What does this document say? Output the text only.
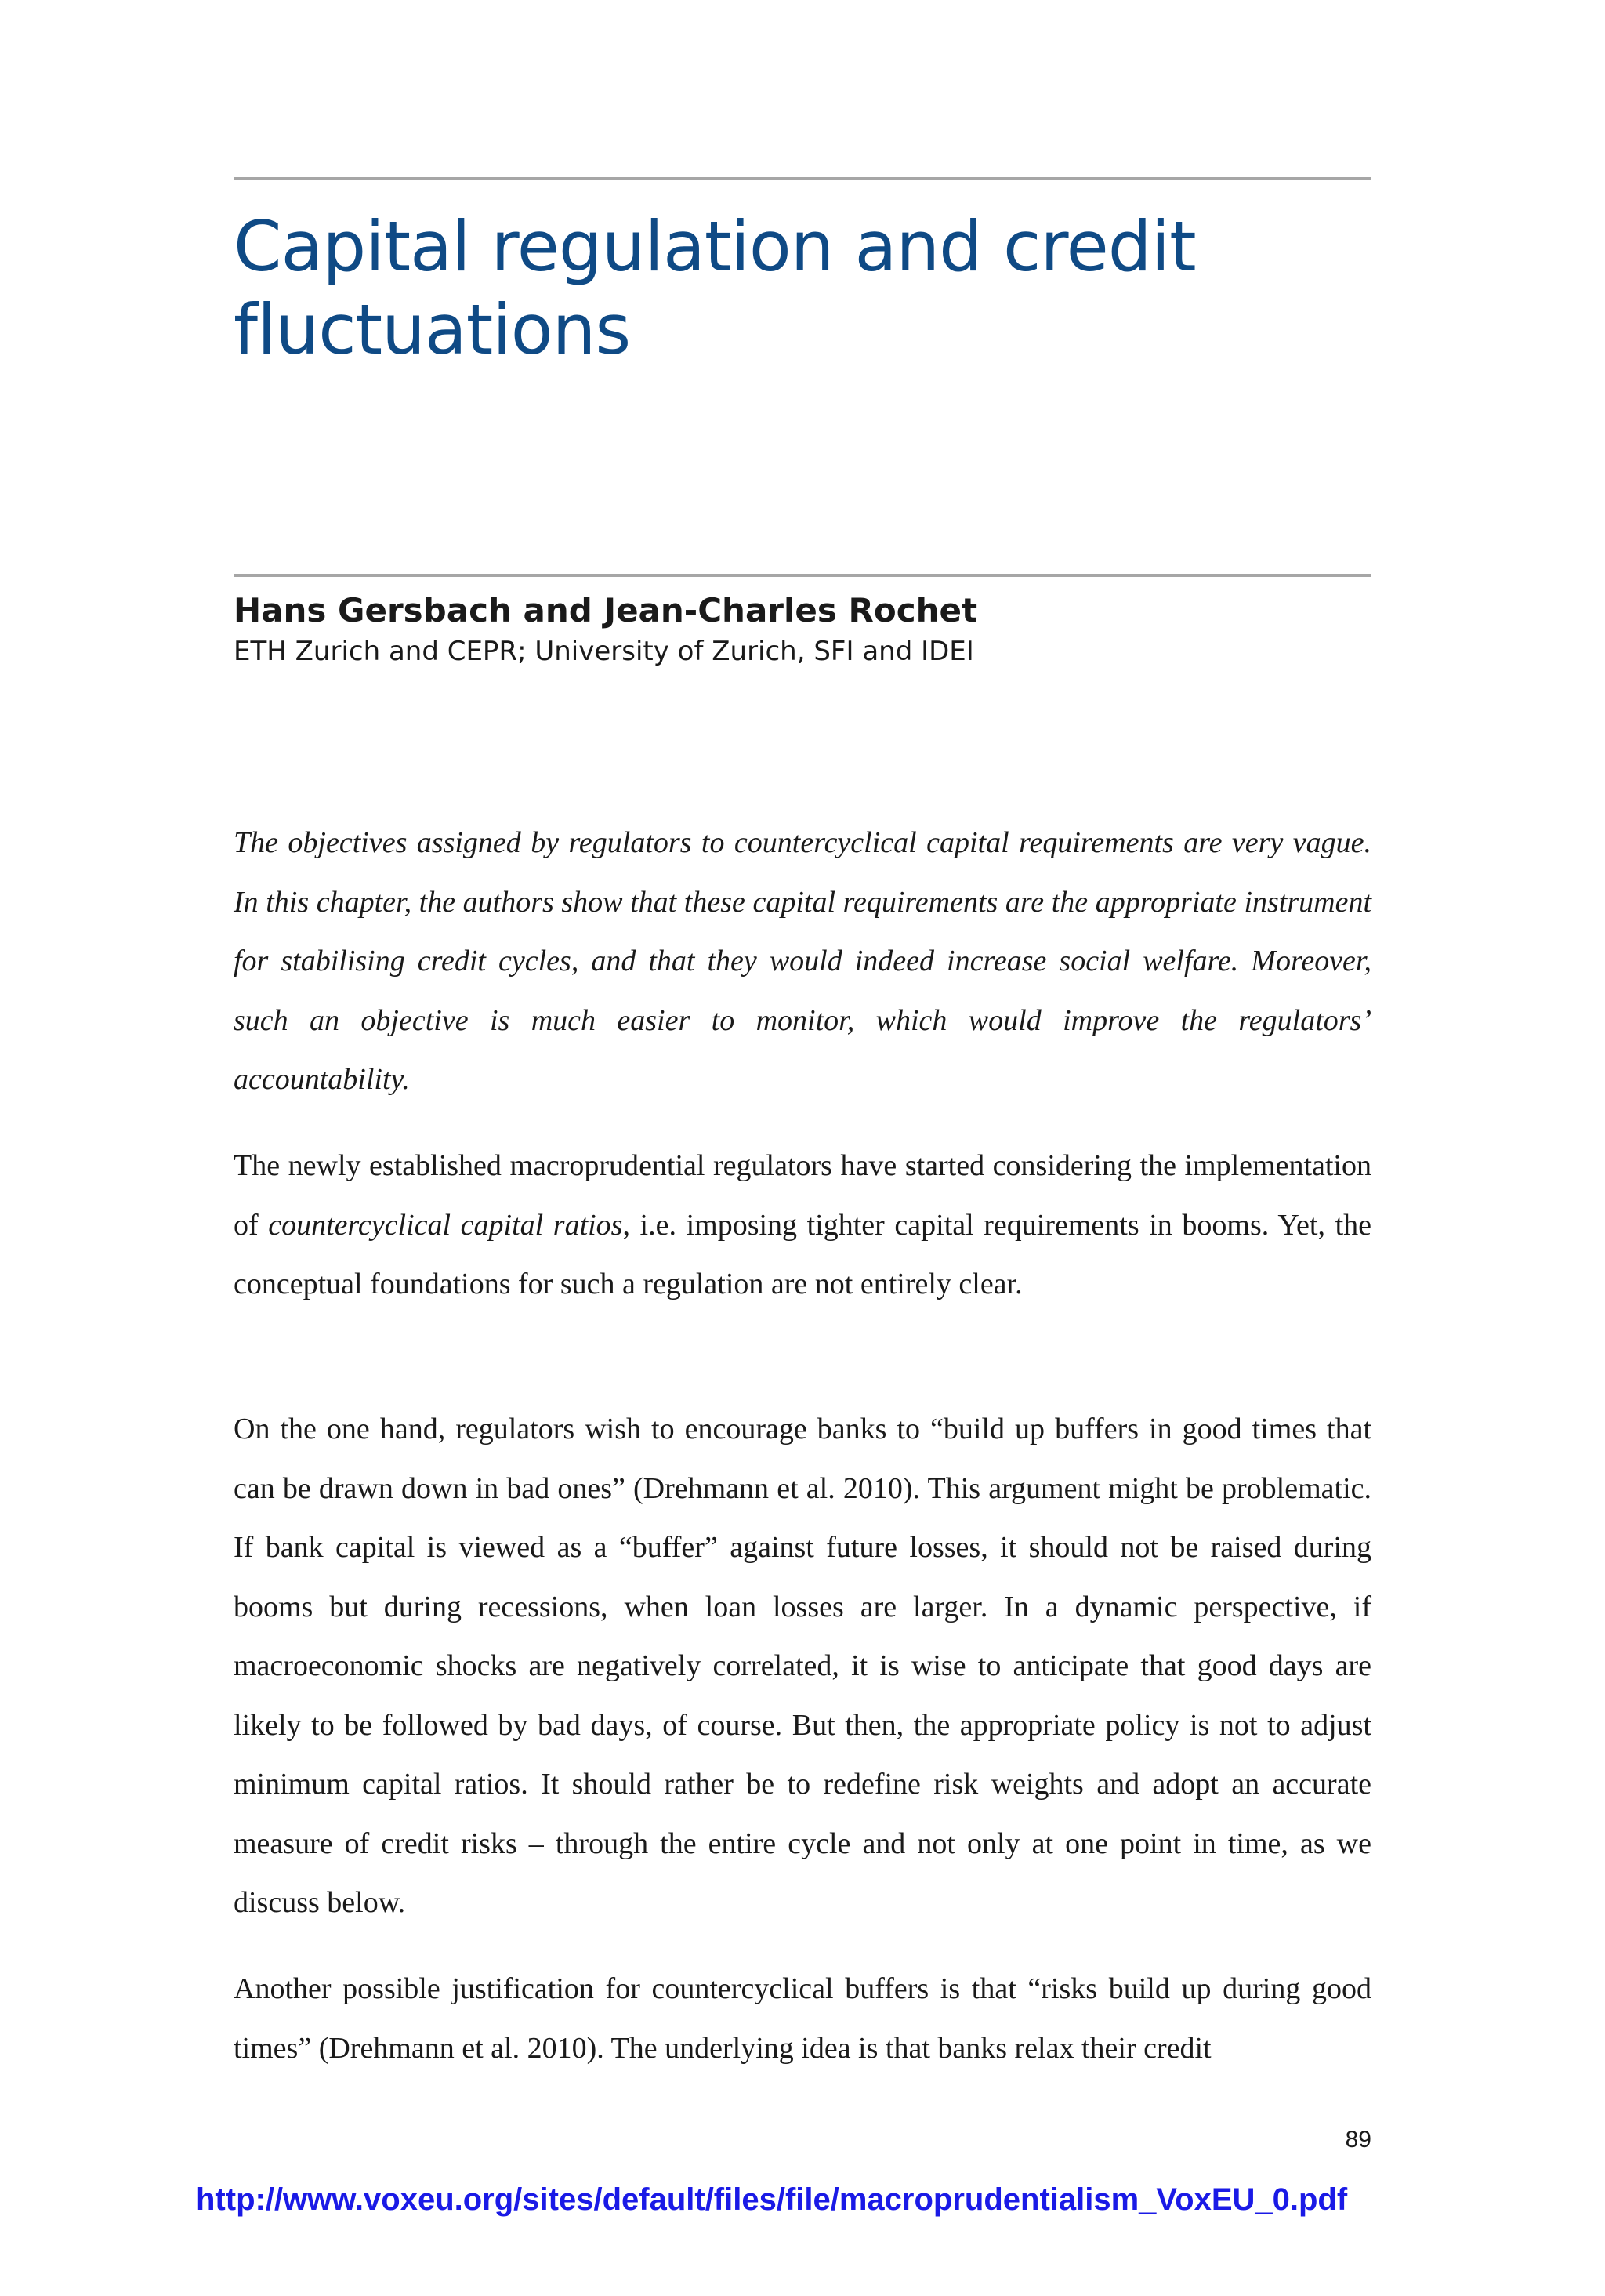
Capital regulation and credit fluctuations

Hans Gersbach and Jean-Charles Rochet

ETH Zurich and CEPR; University of Zurich, SFI and IDEI

The objectives assigned by regulators to countercyclical capital requirements are very vague. In this chapter, the authors show that these capital requirements are the appropriate instrument for stabilising credit cycles, and that they would indeed increase social welfare. Moreover, such an objective is much easier to monitor, which would improve the regulators’ accountability.

The newly established macroprudential regulators have started considering the implementation of countercyclical capital ratios, i.e. imposing tighter capital requirements in booms. Yet, the conceptual foundations for such a regulation are not entirely clear.

On the one hand, regulators wish to encourage banks to “build up buffers in good times that can be drawn down in bad ones” (Drehmann et al. 2010). This argument might be problematic. If bank capital is viewed as a “buffer” against future losses, it should not be raised during booms but during recessions, when loan losses are larger. In a dynamic perspective, if macroeconomic shocks are negatively correlated, it is wise to anticipate that good days are likely to be followed by bad days, of course. But then, the appropriate policy is not to adjust minimum capital ratios. It should rather be to redefine risk weights and adopt an accurate measure of credit risks – through the entire cycle and not only at one point in time, as we discuss below.

Another possible justification for countercyclical buffers is that “risks build up during good times” (Drehmann et al. 2010). The underlying idea is that banks relax their credit

89

http://www.voxeu.org/sites/default/files/file/macroprudentialism_VoxEU_0.pdf
